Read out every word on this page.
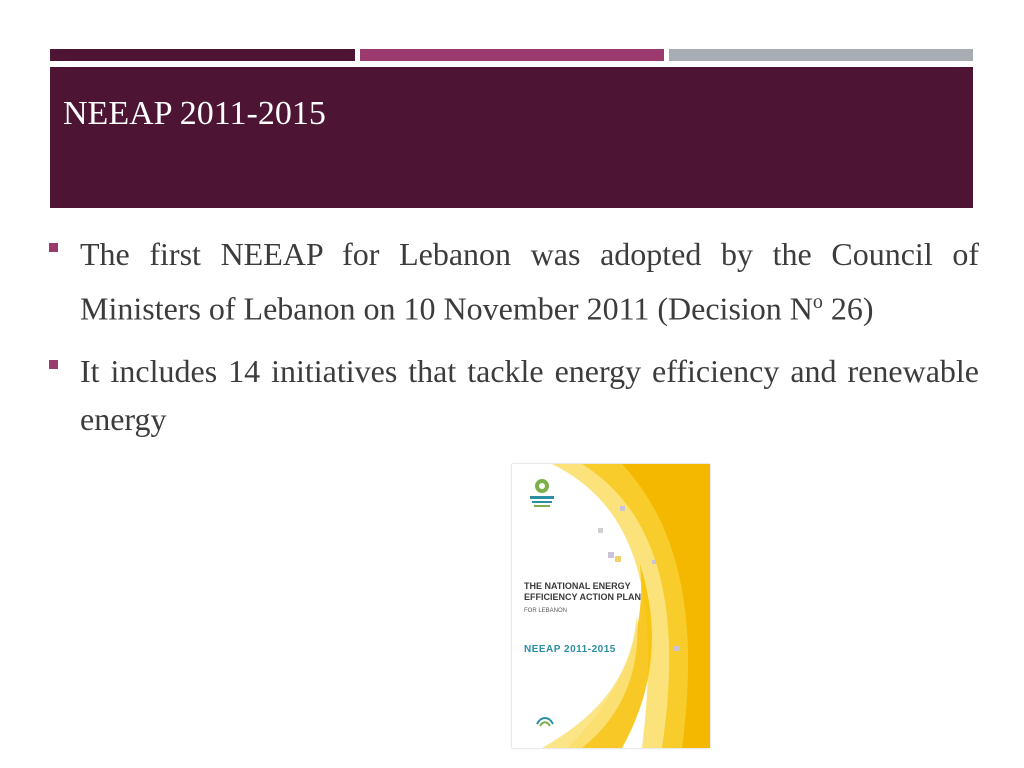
NEEAP 2011-2015

The first NEEAP for Lebanon was adopted by the Council of Ministers of Lebanon on 10 November 2011 (Decision $N^o$ 26)

It includes 14 initiatives that tackle energy efficiency and renewable energy

THE NATIONAL ENERGY EFFICIENCY ACTION PLAN
FOR LEBANON
NEEAP 2011-2015
